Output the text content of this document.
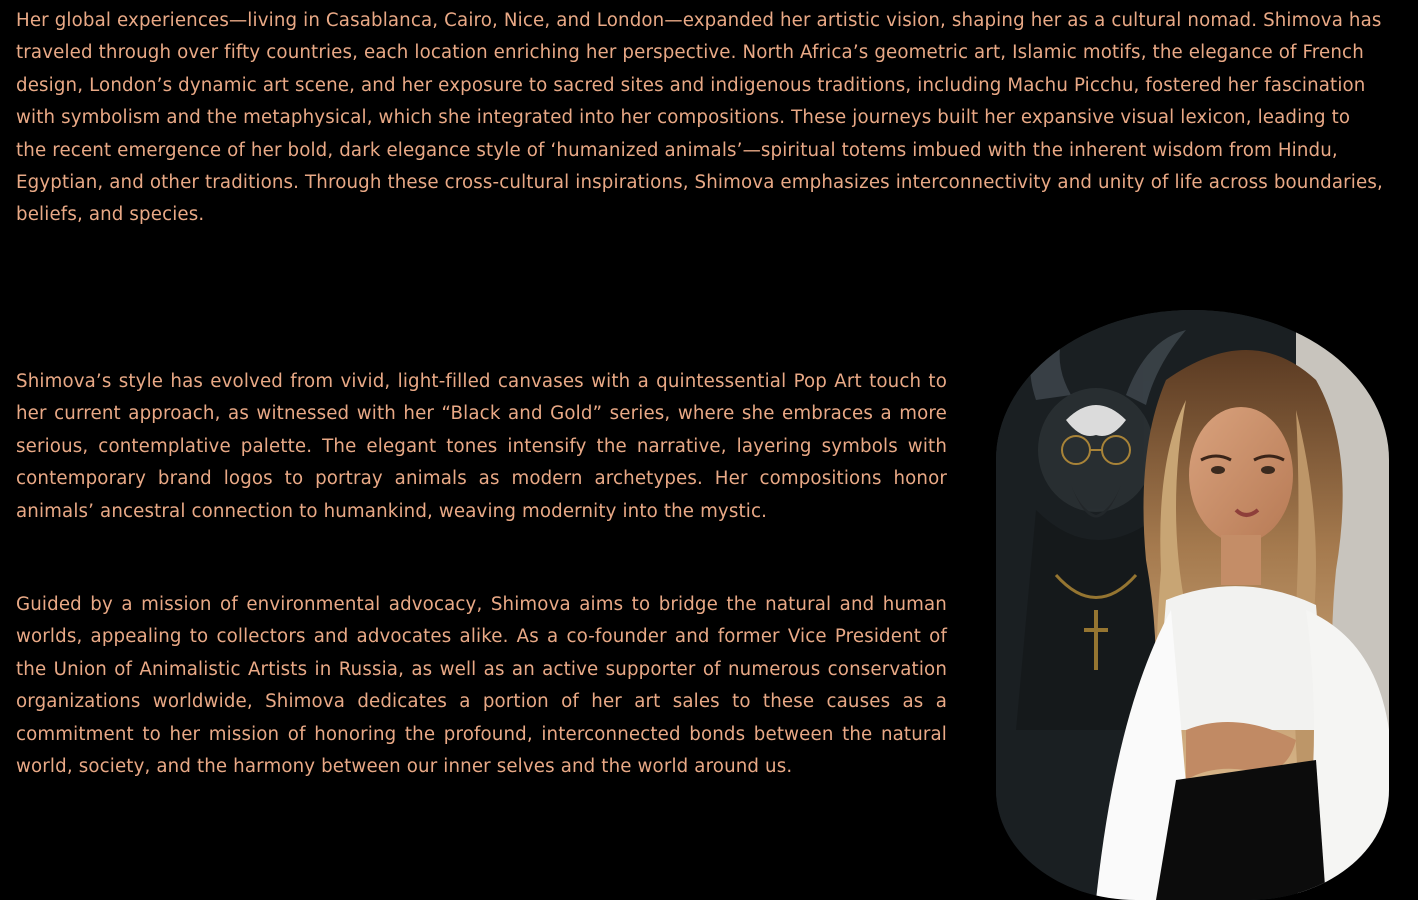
Her global experiences—living in Casablanca, Cairo, Nice, and London—expanded her artistic vision, shaping her as a cultural nomad. Shimova has traveled through over fifty countries, each location enriching her perspective. North Africa’s geometric art, Islamic motifs, the elegance of French design, London’s dynamic art scene, and her exposure to sacred sites and indigenous traditions, including Machu Picchu, fostered her fascination with symbolism and the metaphysical, which she integrated into her compositions. These journeys built her expansive visual lexicon, leading to the recent emergence of her bold, dark elegance style of ‘humanized animals’—spiritual totems imbued with the inherent wisdom from Hindu, Egyptian, and other traditions. Through these cross-cultural inspirations, Shimova emphasizes interconnectivity and unity of life across boundaries, beliefs, and species.

Shimova’s style has evolved from vivid, light-filled canvases with a quintessential Pop Art touch to her current approach, as witnessed with her “Black and Gold” series, where she embraces a more serious, contemplative palette. The elegant tones intensify the narrative, layering symbols with contemporary brand logos to portray animals as modern archetypes. Her compositions honor animals’ ancestral connection to humankind, weaving modernity into the mystic.

Guided by a mission of environmental advocacy, Shimova aims to bridge the natural and human worlds, appealing to collectors and advocates alike. As a co-founder and former Vice President of the Union of Animalistic Artists in Russia, as well as an active supporter of numerous conservation organizations worldwide, Shimova dedicates a portion of her art sales to these causes as a commitment to her mission of honoring the profound, interconnected bonds between the natural world, society, and the harmony between our inner selves and the world around us.
